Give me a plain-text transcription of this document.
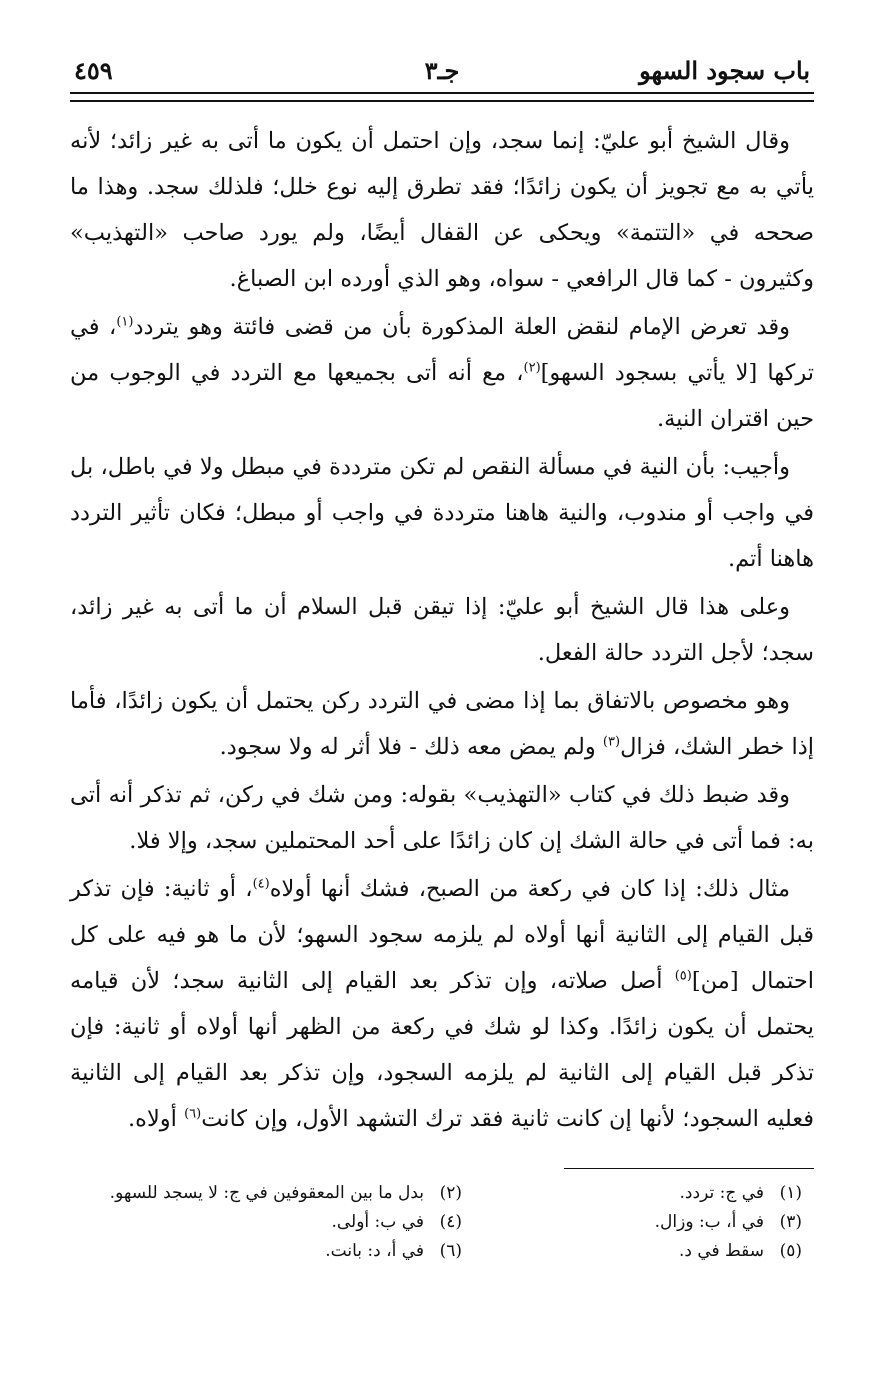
باب سجود السهو
جـ٣
٤٥٩

وقال الشيخ أبو عليّ: إنما سجد، وإن احتمل أن يكون ما أتى به غير زائد؛ لأنه يأتي به مع تجويز أن يكون زائدًا؛ فقد تطرق إليه نوع خلل؛ فلذلك سجد. وهذا ما صححه في «التتمة» ويحكى عن القفال أيضًا، ولم يورد صاحب «التهذيب» وكثيرون - كما قال الرافعي - سواه، وهو الذي أورده ابن الصباغ.

وقد تعرض الإمام لنقض العلة المذكورة بأن من قضى فائتة وهو يتردد$^{(١)}$، في تركها [لا يأتي بسجود السهو]$^{(٢)}$، مع أنه أتى بجميعها مع التردد في الوجوب من حين اقتران النية.

وأجيب: بأن النية في مسألة النقص لم تكن مترددة في مبطل ولا في باطل، بل في واجب أو مندوب، والنية هاهنا مترددة في واجب أو مبطل؛ فكان تأثير التردد هاهنا أتم.

وعلى هذا قال الشيخ أبو عليّ: إذا تيقن قبل السلام أن ما أتى به غير زائد، سجد؛ لأجل التردد حالة الفعل.

وهو مخصوص بالاتفاق بما إذا مضى في التردد ركن يحتمل أن يكون زائدًا، فأما إذا خطر الشك، فزال$^{(٣)}$ ولم يمض معه ذلك - فلا أثر له ولا سجود.

وقد ضبط ذلك في كتاب «التهذيب» بقوله: ومن شك في ركن، ثم تذكر أنه أتى به: فما أتى في حالة الشك إن كان زائدًا على أحد المحتملين سجد، وإلا فلا.

مثال ذلك: إذا كان في ركعة من الصبح، فشك أنها أولاه$^{(٤)}$، أو ثانية: فإن تذكر قبل القيام إلى الثانية أنها أولاه لم يلزمه سجود السهو؛ لأن ما هو فيه على كل احتمال [من]$^{(٥)}$ أصل صلاته، وإن تذكر بعد القيام إلى الثانية سجد؛ لأن قيامه يحتمل أن يكون زائدًا. وكذا لو شك في ركعة من الظهر أنها أولاه أو ثانية: فإن تذكر قبل القيام إلى الثانية لم يلزمه السجود، وإن تذكر بعد القيام إلى الثانية فعليه السجود؛ لأنها إن كانت ثانية فقد ترك التشهد الأول، وإن كانت$^{(٦)}$ أولاه.

(١)في ج: تردد.
(٢)بدل ما بين المعقوفين في ج: لا يسجد للسهو.
(٣)في أ، ب: وزال.
(٤)في ب: أولى.
(٥)سقط في د.
(٦)في أ، د: بانت.
